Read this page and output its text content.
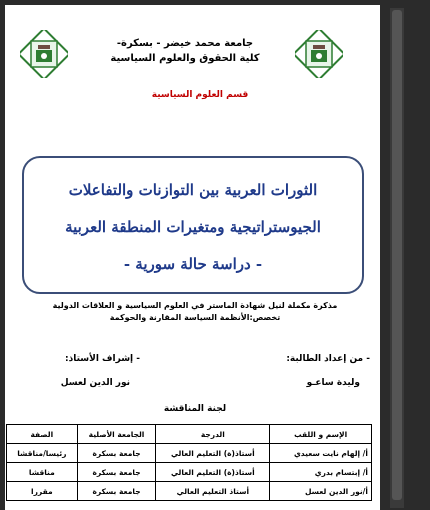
جامعة محمد خيضر - بسكرة-
كلية الحقوق والعلوم السياسية
قسم العلوم السياسية
الثورات العربية بين التوازنات والتفاعلات
الجيوستراتيجية ومتغيرات المنطقة العربية
- دراسة حالة سورية -
مذكرة مكملة لنيل شهادة الماستر في العلوم السياسية و العلاقات الدولية
تخصص:الأنظمة السياسة المقارنة والحوكمة
- من إعداد الطالبة:
وليدة ساعـو
- إشراف الأستاذ:
نور الدين لعسل
لجنة المناقشة
الإسم و اللقب	الدرجة	الجامعة الأصلية	الصفة
أ/ إلهام نايت سعيدي	أستاذ(ة) التعليم العالي	جامعة بسكرة	رئيسا/مناقشا
أ/ إبتسام بدري	أستاذ(ة) التعليم العالي	جامعة بسكرة	مناقشا
أ/نور الدين لعسل	أستاذ التعليم العالي	جامعة بسكرة	مقررا
